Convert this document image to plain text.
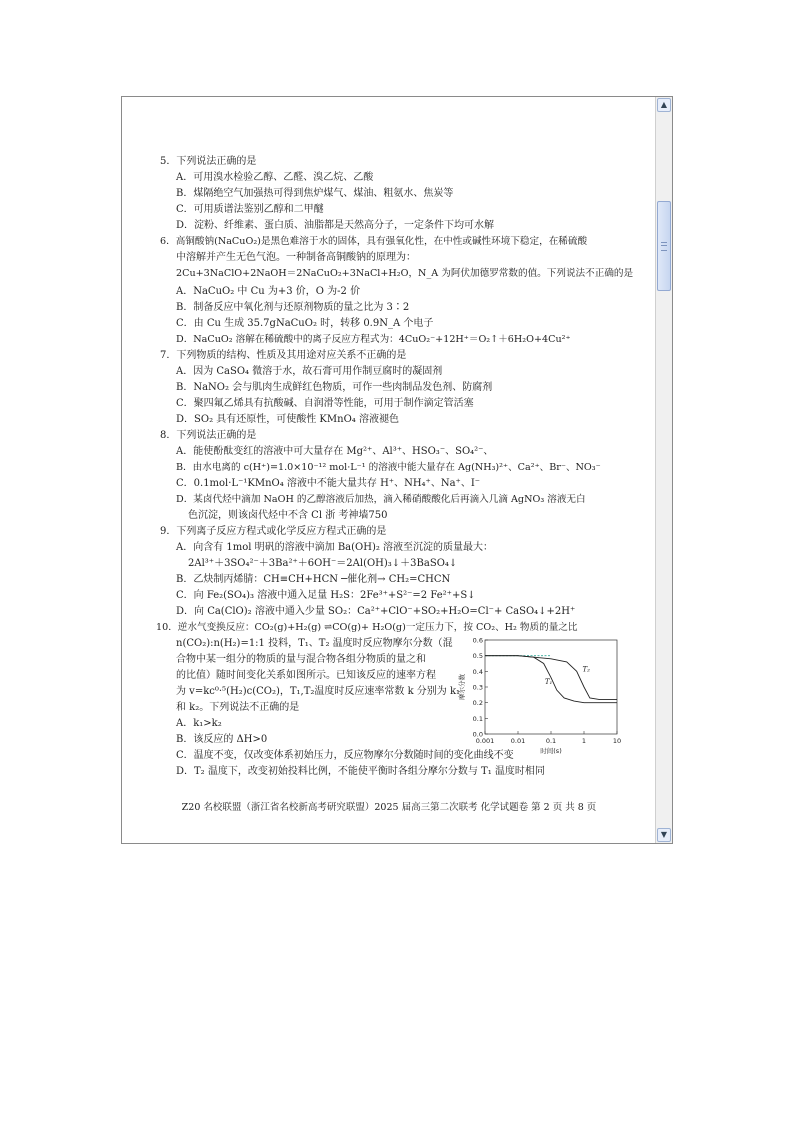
5．下列说法正确的是
A．可用溴水检验乙醇、乙醛、溴乙烷、乙酸
B．煤隔绝空气加强热可得到焦炉煤气、煤油、粗氨水、焦炭等
C．可用质谱法鉴别乙醇和二甲醚
D．淀粉、纤维素、蛋白质、油脂都是天然高分子，一定条件下均可水解
6．高铜酸钠(NaCuO₂)是黑色难溶于水的固体，具有强氧化性，在中性或碱性环境下稳定，在稀硫酸
中溶解并产生无色气泡。一种制备高铜酸钠的原理为：
2Cu+3NaClO+2NaOH＝2NaCuO₂+3NaCl+H₂O，N_A 为阿伏加德罗常数的值。下列说法不正确的是
A．NaCuO₂ 中 Cu 为+3 价，O 为-2 价
B．制备反应中氧化剂与还原剂物质的量之比为 3∶2
C．由 Cu 生成 35.7gNaCuO₂ 时，转移 0.9N_A 个电子
D．NaCuO₂ 溶解在稀硫酸中的离子反应方程式为：4CuO₂⁻+12H⁺＝O₂↑＋6H₂O+4Cu²⁺
7．下列物质的结构、性质及其用途对应关系不正确的是
A．因为 CaSO₄ 微溶于水，故石膏可用作制豆腐时的凝固剂
B．NaNO₂ 会与肌肉生成鲜红色物质，可作一些肉制品发色剂、防腐剂
C．聚四氟乙烯具有抗酸碱、自润滑等性能，可用于制作滴定管活塞
D．SO₂ 具有还原性，可使酸性 KMnO₄ 溶液褪色
8．下列说法正确的是
A．能使酚酞变红的溶液中可大量存在 Mg²⁺、Al³⁺、HSO₃⁻、SO₄²⁻、
B．由水电离的 c(H⁺)=1.0×10⁻¹² mol·L⁻¹ 的溶液中能大量存在 Ag(NH₃)²⁺、Ca²⁺、Br⁻、NO₃⁻
C．0.1mol·L⁻¹KMnO₄ 溶液中不能大量共存 H⁺、NH₄⁺、Na⁺、I⁻
D．某卤代烃中滴加 NaOH 的乙醇溶液后加热，滴入稀硝酸酸化后再滴入几滴 AgNO₃ 溶液无白
色沉淀，则该卤代烃中不含 Cl 浙 考神墙750
9．下列离子反应方程式或化学反应方程式正确的是
A．向含有 1mol 明矾的溶液中滴加 Ba(OH)₂ 溶液至沉淀的质量最大：
2Al³⁺＋3SO₄²⁻＋3Ba²⁺＋6OH⁻＝2Al(OH)₃↓＋3BaSO₄↓
B．乙炔制丙烯腈：CH≡CH+HCN ─催化剂→ CH₂=CHCN
C．向 Fe₂(SO₄)₃ 溶液中通入足量 H₂S：2Fe³⁺+S²⁻=2 Fe²⁺+S↓
D．向 Ca(ClO)₂ 溶液中通入少量 SO₂：Ca²⁺+ClO⁻+SO₂+H₂O=Cl⁻+ CaSO₄↓+2H⁺
10．逆水气变换反应：CO₂(g)+H₂(g) ⇌CO(g)+ H₂O(g)一定压力下，按 CO₂、H₂ 物质的量之比
n(CO₂):n(H₂)=1:1 投料，T₁、T₂ 温度时反应物摩尔分数（混
合物中某一组分的物质的量与混合物各组分物质的量之和
的比值）随时间变化关系如图所示。已知该反应的速率方程
为 v=kc⁰·⁵(H₂)c(CO₂)，T₁,T₂温度时反应速率常数 k 分别为 k₁
和 k₂。下列说法不正确的是
A．k₁>k₂
B．该反应的 ΔH>0
C．温度不变，仅改变体系初始压力，反应物摩尔分数随时间的变化曲线不变
D．T₂ 温度下，改变初始投料比例，不能使平衡时各组分摩尔分数与 T₁ 温度时相同
0.0
0.1
0.2
0.3
0.4
0.5
0.6
0.001	0.01	0.1	1	10
T₁
T₂
摩尔分数
时间(s)
Z20 名校联盟（浙江省名校新高考研究联盟）2025 届高三第二次联考 化学试题卷 第 2 页 共 8 页
▲
▼
